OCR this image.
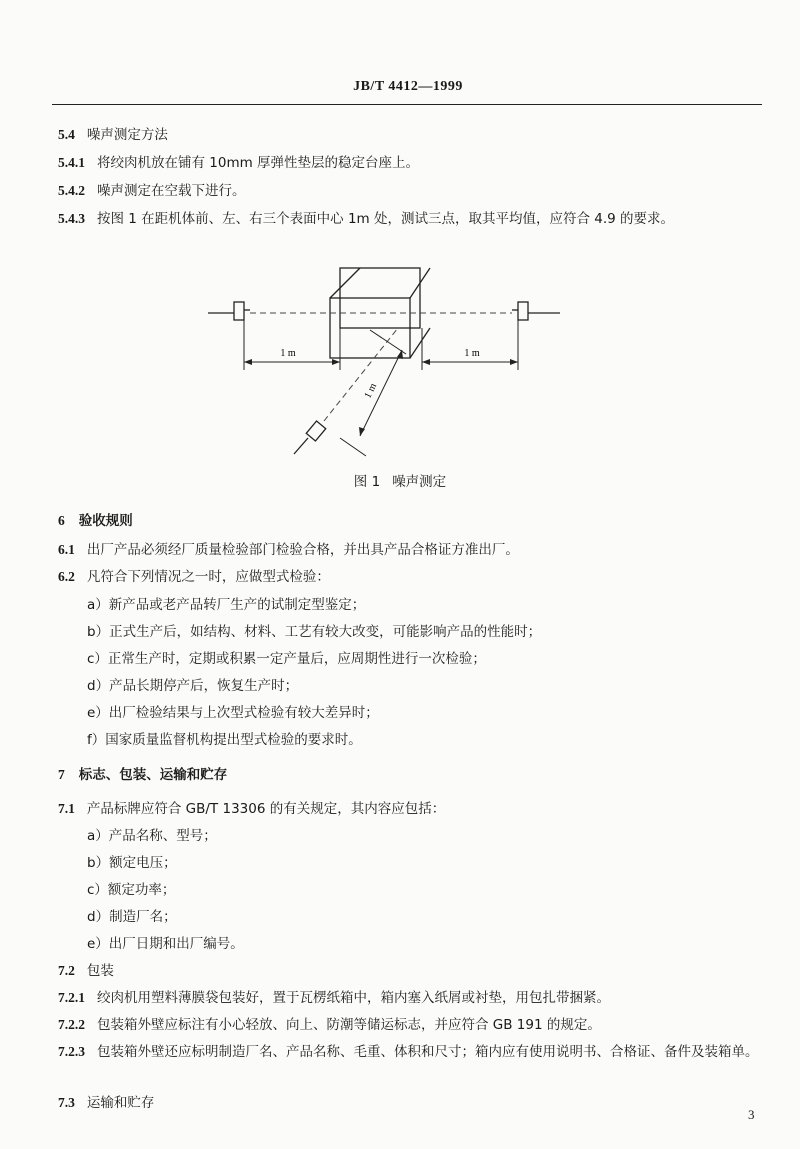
JB/T 4412—1999
5.4 噪声测定方法
5.4.1 将绞肉机放在铺有 10mm 厚弹性垫层的稳定台座上。
5.4.2 噪声测定在空载下进行。
5.4.3 按图 1 在距机体前、左、右三个表面中心 1m 处，测试三点，取其平均值，应符合 4.9 的要求。
1 m	1 m
1 m
图 1 噪声测定
6 验收规则
6.1 出厂产品必须经厂质量检验部门检验合格，并出具产品合格证方准出厂。
6.2 凡符合下列情况之一时，应做型式检验：
a）新产品或老产品转厂生产的试制定型鉴定；
b）正式生产后，如结构、材料、工艺有较大改变，可能影响产品的性能时；
c）正常生产时，定期或积累一定产量后，应周期性进行一次检验；
d）产品长期停产后，恢复生产时；
e）出厂检验结果与上次型式检验有较大差异时；
f）国家质量监督机构提出型式检验的要求时。
7 标志、包装、运输和贮存
7.1 产品标牌应符合 GB/T 13306 的有关规定，其内容应包括：
a）产品名称、型号；
b）额定电压；
c）额定功率；
d）制造厂名；
e）出厂日期和出厂编号。
7.2 包装
7.2.1 绞肉机用塑料薄膜袋包装好，置于瓦楞纸箱中，箱内塞入纸屑或衬垫，用包扎带捆紧。
7.2.2 包装箱外壁应标注有小心轻放、向上、防潮等储运标志，并应符合 GB 191 的规定。
7.2.3 包装箱外壁还应标明制造厂名、产品名称、毛重、体积和尺寸；箱内应有使用说明书、合格证、备件及装箱单。
7.3 运输和贮存
3
